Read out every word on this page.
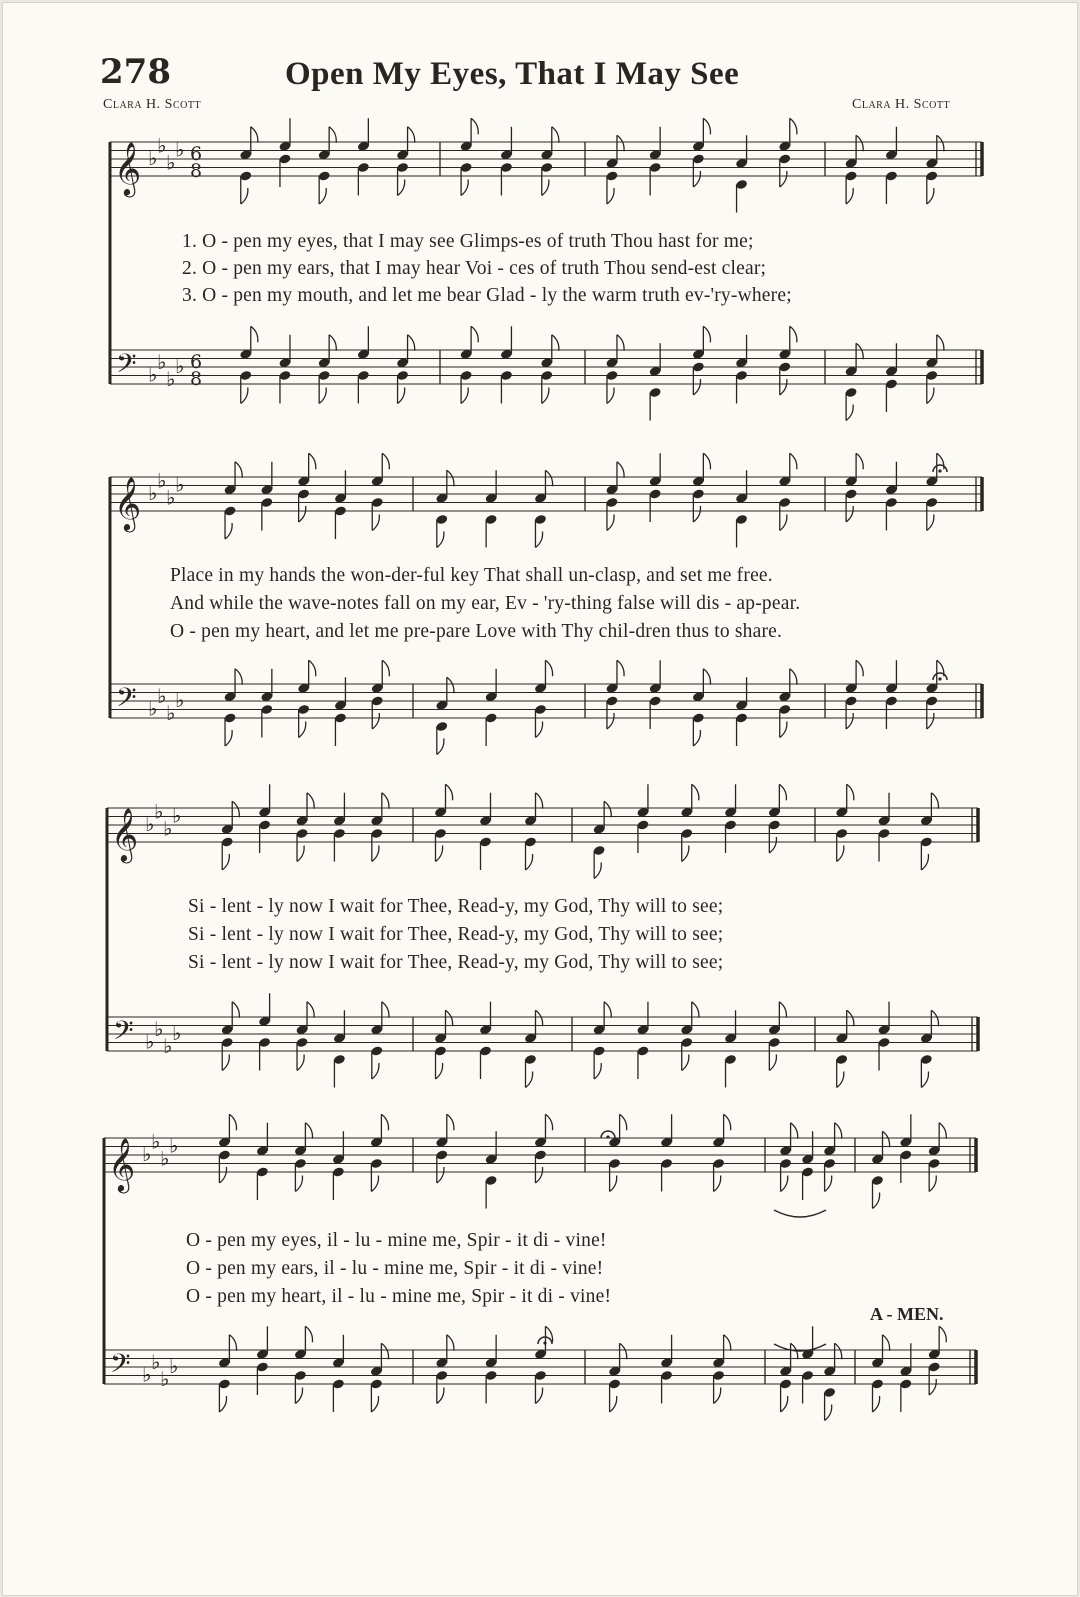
278	Open My Eyes, That I May See
Clara H. Scott	Clara H. Scott
1. O - pen my eyes, that I may see Glimps-es of truth Thou hast for me;
2. O - pen my ears, that I may hear Voi - ces of truth Thou send-est clear;
3. O - pen my mouth, and let me bear Glad - ly the warm truth ev-'ry-where;
Place in my hands the won-der-ful key That shall un-clasp, and set me free.
And while the wave-notes fall on my ear, Ev - 'ry-thing false will dis - ap-pear.
O - pen my heart, and let me pre-pare Love with Thy chil-dren thus to share.
Si - lent - ly now I wait for Thee, Read-y, my God, Thy will to see;
Si - lent - ly now I wait for Thee, Read-y, my God, Thy will to see;
Si - lent - ly now I wait for Thee, Read-y, my God, Thy will to see;
O - pen my eyes, il - lu - mine me, Spir - it di - vine!
O - pen my ears, il - lu - mine me, Spir - it di - vine!
O - pen my heart, il - lu - mine me, Spir - it di - vine!
A - MEN.
𝄞 ♭
♭
♭
♭ 6
8
𝄢 ♭
♭
♭
♭ 6
8
𝄞 ♭
♭
♭
♭
𝄢 ♭
♭
♭
♭
𝄞 ♭
♭
♭
♭
𝄢 ♭
♭
♭
♭
𝄞 ♭
♭
♭
♭
𝄢 ♭
♭
♭
♭
